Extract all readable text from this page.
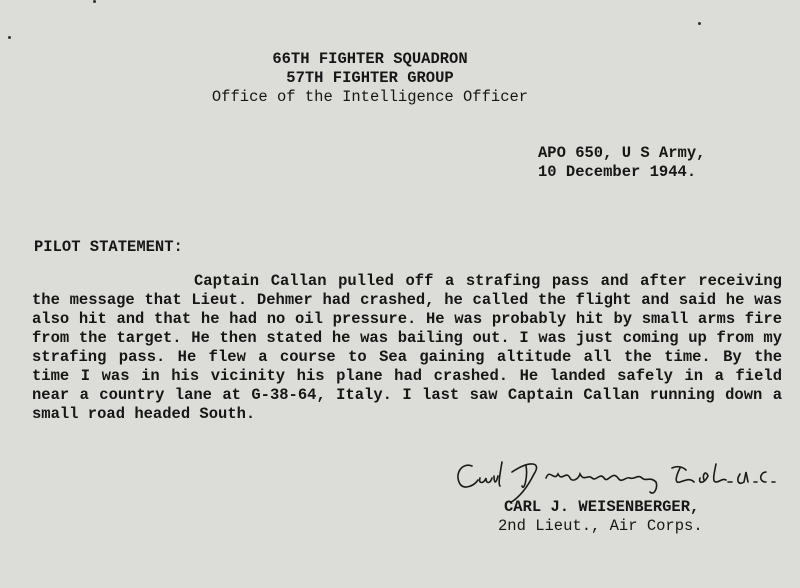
66TH FIGHTER SQUADRON
57TH FIGHTER GROUP
Office of the Intelligence Officer
APO 650, U S Army,
10 December 1944.
PILOT STATEMENT:
Captain Callan pulled off a strafing pass and after receiving the message that Lieut. Dehmer had crashed, he called the flight and said he was also hit and that he had no oil pressure. He was probably hit by small arms fire from the target. He then stated he was bailing out. I was just coming up from my strafing pass. He flew a course to Sea gaining altitude all the time. By the time I was in his vicinity his plane had crashed. He landed safely in a field near a country lane at G-38-64, Italy. I last saw Captain Callan running down a small road headed South.
CARL J. WEISENBERGER,
2nd Lieut., Air Corps.
